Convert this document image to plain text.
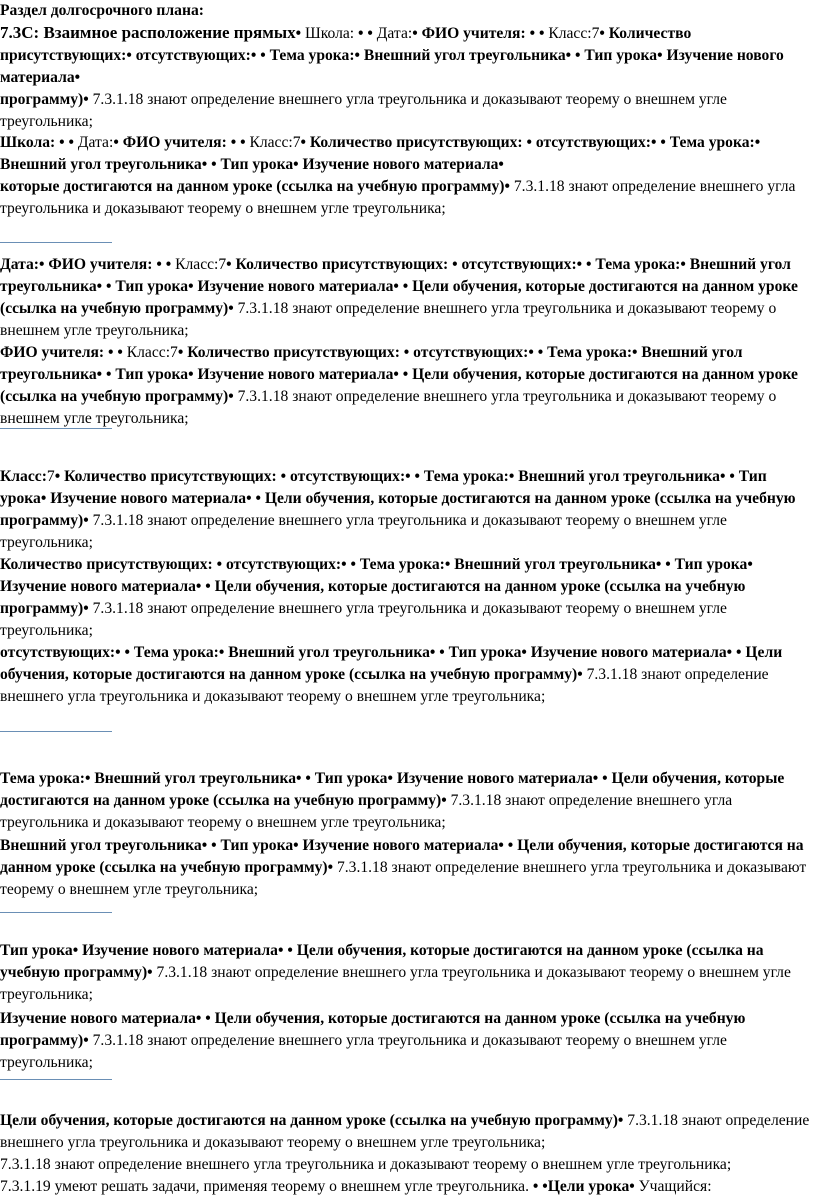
Раздел долгосрочного плана:
7.3С: Взаимное расположение прямых• Школа: • • Дата:• ФИО учителя: • • Класс:7• Количество присутствующих:• отсутствующих:• • Тема урока:• Внешний угол треугольника• • Тип урока• Изучение нового материала•
программу)• 7.3.1.18 знают определение внешнего угла треугольника и доказывают теорему о внешнем угле треугольника;

Школа: • • Дата:• ФИО учителя: • • Класс:7• Количество присутствующих: • отсутствующих:• • Тема урока:• Внешний угол треугольника• • Тип урока• Изучение нового материала•
которые достигаются на данном уроке (ссылка на учебную программу)• 7.3.1.18 знают определение внешнего угла треугольника и доказывают теорему о внешнем угле треугольника;

Дата:• ФИО учителя: • • Класс:7• Количество присутствующих: • отсутствующих:• • Тема урока:• Внешний угол треугольника• • Тип урока• Изучение нового материала• • Цели обучения, которые достигаются на данном уроке (ссылка на учебную программу)• 7.3.1.18 знают определение внешнего угла треугольника и доказывают теорему о внешнем угле треугольника;

ФИО учителя: • • Класс:7• Количество присутствующих: • отсутствующих:• • Тема урока:• Внешний угол треугольника• • Тип урока• Изучение нового материала• • Цели обучения, которые достигаются на данном уроке (ссылка на учебную программу)• 7.3.1.18 знают определение внешнего угла треугольника и доказывают теорему о внешнем угле треугольника;

Класс:7• Количество присутствующих: • отсутствующих:• • Тема урока:• Внешний угол треугольника• • Тип урока• Изучение нового материала• • Цели обучения, которые достигаются на данном уроке (ссылка на учебную программу)• 7.3.1.18 знают определение внешнего угла треугольника и доказывают теорему о внешнем угле треугольника;

Количество присутствующих: • отсутствующих:• • Тема урока:• Внешний угол треугольника• • Тип урока• Изучение нового материала• • Цели обучения, которые достигаются на данном уроке (ссылка на учебную программу)• 7.3.1.18 знают определение внешнего угла треугольника и доказывают теорему о внешнем угле треугольника;

отсутствующих:• • Тема урока:• Внешний угол треугольника• • Тип урока• Изучение нового материала• • Цели обучения, которые достигаются на данном уроке (ссылка на учебную программу)• 7.3.1.18 знают определение внешнего угла треугольника и доказывают теорему о внешнем угле треугольника;

Тема урока:• Внешний угол треугольника• • Тип урока• Изучение нового материала• • Цели обучения, которые достигаются на данном уроке (ссылка на учебную программу)• 7.3.1.18 знают определение внешнего угла треугольника и доказывают теорему о внешнем угле треугольника;

Внешний угол треугольника• • Тип урока• Изучение нового материала• • Цели обучения, которые достигаются на данном уроке (ссылка на учебную программу)• 7.3.1.18 знают определение внешнего угла треугольника и доказывают теорему о внешнем угле треугольника;

Тип урока• Изучение нового материала• • Цели обучения, которые достигаются на данном уроке (ссылка на учебную программу)• 7.3.1.18 знают определение внешнего угла треугольника и доказывают теорему о внешнем угле треугольника;

Изучение нового материала• • Цели обучения, которые достигаются на данном уроке (ссылка на учебную программу)• 7.3.1.18 знают определение внешнего угла треугольника и доказывают теорему о внешнем угле треугольника;

Цели обучения, которые достигаются на данном уроке (ссылка на учебную программу)• 7.3.1.18 знают определение внешнего угла треугольника и доказывают теорему о внешнем угле треугольника;
7.3.1.18 знают определение внешнего угла треугольника и доказывают теорему о внешнем угле треугольника;
7.3.1.19 умеют решать задачи, применяя теорему о внешнем угле треугольника. • •Цели урока• Учащийся:
